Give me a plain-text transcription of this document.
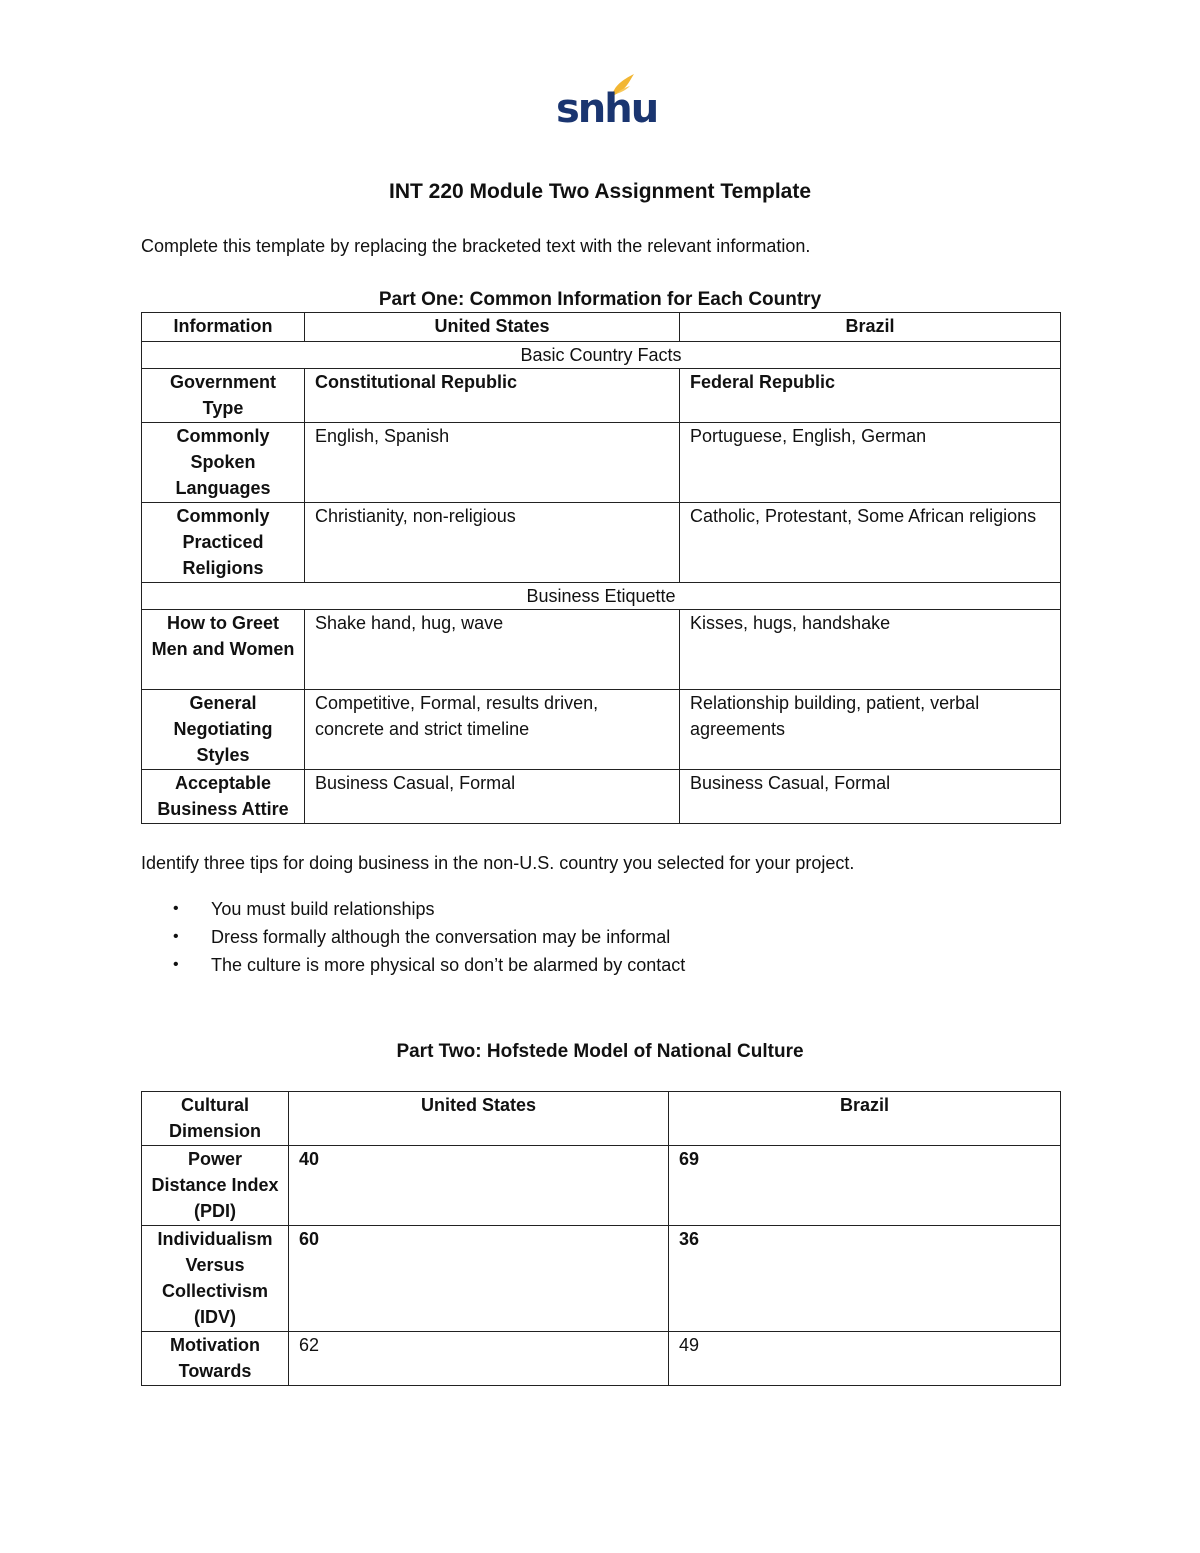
snhu
INT 220 Module Two Assignment Template
Complete this template by replacing the bracketed text with the relevant information.
Part One: Common Information for Each Country
Information	United States	Brazil
Basic Country Facts		
Government Type	Constitutional Republic	Federal Republic
Commonly Spoken Languages	English, Spanish	Portuguese, English, German
Commonly Practiced Religions	Christianity, non-religious	Catholic, Protestant, Some African religions
Business Etiquette		
How to Greet Men and Women	Shake hand, hug, wave	Kisses, hugs, handshake
General Negotiating Styles	Competitive, Formal, results driven, concrete and strict timeline	Relationship building, patient, verbal agreements
Acceptable Business Attire	Business Casual, Formal	Business Casual, Formal
Identify three tips for doing business in the non-U.S. country you selected for your project.
• You must build relationships
• Dress formally although the conversation may be informal
• The culture is more physical so don’t be alarmed by contact
Part Two: Hofstede Model of National Culture
Cultural Dimension	United States	Brazil
Power Distance Index (PDI)	40	69
Individualism Versus Collectivism (IDV)	60	36
Motivation Towards	62	49
